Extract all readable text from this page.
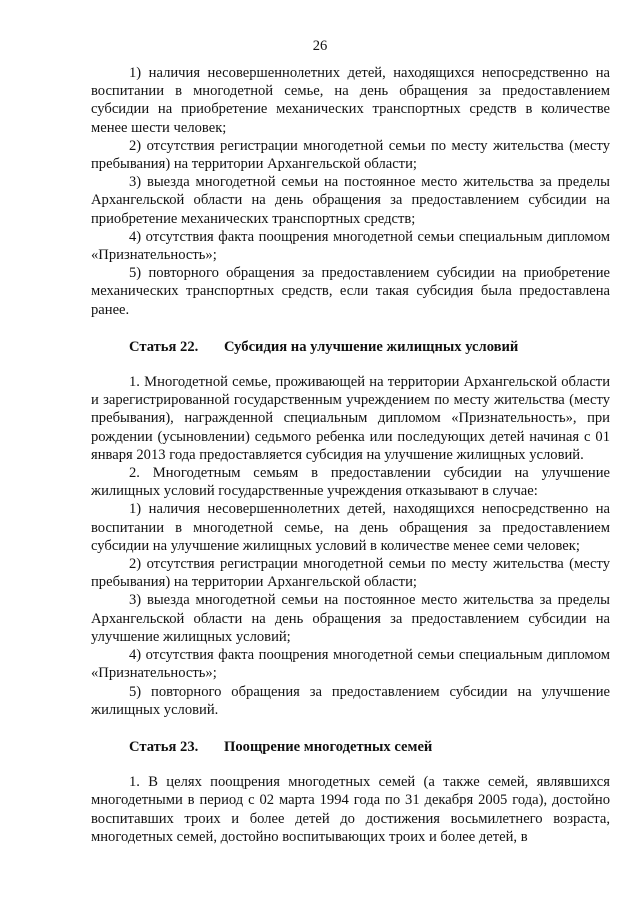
26

1) наличия несовершеннолетних детей, находящихся непосредственно на воспитании в многодетной семье, на день обращения за предоставлением субсидии на приобретение механических транспортных средств в количестве менее шести человек;

2) отсутствия регистрации многодетной семьи по месту жительства (месту пребывания) на территории Архангельской области;

3) выезда многодетной семьи на постоянное место жительства за пределы Архангельской области на день обращения за предоставлением субсидии на приобретение механических транспортных средств;

4) отсутствия факта поощрения многодетной семьи специальным дипломом «Признательность»;

5) повторного обращения за предоставлением субсидии на приобретение механических транспортных средств, если такая субсидия была предоставлена ранее.

Статья 22. Субсидия на улучшение жилищных условий

1. Многодетной семье, проживающей на территории Архангельской области и зарегистрированной государственным учреждением по месту жительства (месту пребывания), награжденной специальным дипломом «Признательность», при рождении (усыновлении) седьмого ребенка или последующих детей начиная с 01 января 2013 года предоставляется субсидия на улучшение жилищных условий.

2. Многодетным семьям в предоставлении субсидии на улучшение жилищных условий государственные учреждения отказывают в случае:

1) наличия несовершеннолетних детей, находящихся непосредственно на воспитании в многодетной семье, на день обращения за предоставлением субсидии на улучшение жилищных условий в количестве менее семи человек;

2) отсутствия регистрации многодетной семьи по месту жительства (месту пребывания) на территории Архангельской области;

3) выезда многодетной семьи на постоянное место жительства за пределы Архангельской области на день обращения за предоставлением субсидии на улучшение жилищных условий;

4) отсутствия факта поощрения многодетной семьи специальным дипломом «Признательность»;

5) повторного обращения за предоставлением субсидии на улучшение жилищных условий.

Статья 23. Поощрение многодетных семей

1. В целях поощрения многодетных семей (а также семей, являвшихся многодетными в период с 02 марта 1994 года по 31 декабря 2005 года), достойно воспитавших троих и более детей до достижения восьмилетнего возраста, многодетных семей, достойно воспитывающих троих и более детей, в
